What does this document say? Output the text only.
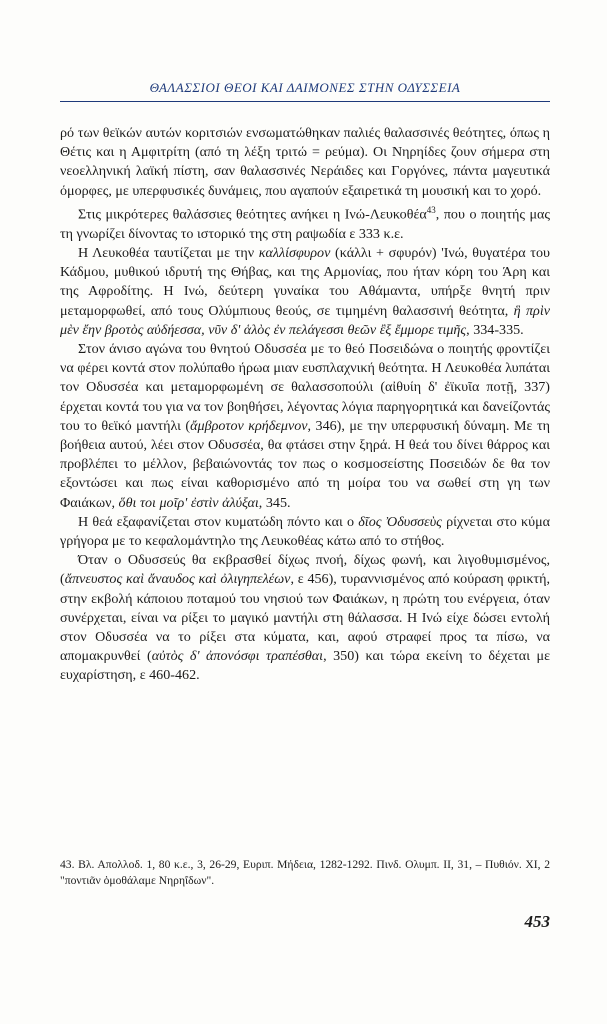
ΘΑΛΑΣΣΙΟΙ ΘΕΟΙ ΚΑΙ ΔΑΙΜΟΝΕΣ ΣΤΗΝ ΟΔΥΣΣΕΙΑ

ρό των θεϊκών αυτών κοριτσιών ενσωματώθηκαν παλιές θαλασσινές θεότητες, όπως η Θέτις και η Αμφιτρίτη (από τη λέξη τριτώ = ρεύμα). Οι Νηρηίδες ζουν σήμερα στη νεοελληνική λαϊκή πίστη, σαν θαλασσινές Νεράιδες και Γοργόνες, πάντα μαγευτικά όμορφες, με υπερφυσικές δυνάμεις, που αγαπούν εξαιρετικά τη μουσική και το χορό.

Στις μικρότερες θαλάσσιες θεότητες ανήκει η Ινώ-Λευκοθέα$^{43}$, που ο ποιητής μας τη γνωρίζει δίνοντας το ιστορικό της στη ραψωδία ε 333 κ.ε.

Η Λευκοθέα ταυτίζεται με την καλλίσφυρον (κάλλι + σφυρόν) 'Ινώ, θυγατέρα του Κάδμου, μυθικού ιδρυτή της Θήβας, και της Αρμονίας, που ήταν κόρη του Άρη και της Αφροδίτης. Η Ινώ, δεύτερη γυναίκα του Αθάμαντα, υπήρξε θνητή πριν μεταμορφωθεί, από τους Ολύμπιους θεούς, σε τιμημένη θαλασσινή θεότητα, ἣ πρὶν μὲν ἔην βροτὸς αὐδήεσσα, νῦν δ' ἁλὸς ἐν πελάγεσσι θεῶν ἒξ ἔμμορε τιμῆς, 334-335.

Στον άνισο αγώνα του θνητού Οδυσσέα με το θεό Ποσειδώνα ο ποιητής φροντίζει να φέρει κοντά στον πολύπαθο ήρωα μιαν ευσπλαχνική θεότητα. Η Λευκοθέα λυπάται τον Οδυσσέα και μεταμορφωμένη σε θαλασσοπούλι (αἰθυίη δ' ἐϊκυῖα ποτῇ, 337) έρχεται κοντά του για να τον βοηθήσει, λέγοντας λόγια παρηγορητικά και δανείζοντάς του το θεϊκό μαντήλι (ἄμβροτον κρήδεμνον, 346), με την υπερφυσική δύναμη. Με τη βοήθεια αυτού, λέει στον Οδυσσέα, θα φτάσει στην ξηρά. Η θεά του δίνει θάρρος και προβλέπει το μέλλον, βεβαιώνοντάς τον πως ο κοσμοσείστης Ποσειδών δε θα τον εξοντώσει και πως είναι καθορισμένο από τη μοίρα του να σωθεί στη γη των Φαιάκων, ὅθι τοι μοῖρ' ἐστὶν ἀλύξαι, 345.

Η θεά εξαφανίζεται στον κυματώδη πόντο και ο δῖος Ὀδυσσεὺς ρίχνεται στο κύμα γρήγορα με το κεφαλομάντηλο της Λευκοθέας κάτω από το στήθος.

Όταν ο Οδυσσεύς θα εκβρασθεί δίχως πνοή, δίχως φωνή, και λιγοθυμισμένος, (ἄπνευστος καὶ ἄναυδος καὶ ὀλιγηπελέων, ε 456), τυραννισμένος από κούραση φρικτή, στην εκβολή κάποιου ποταμού του νησιού των Φαιάκων, η πρώτη του ενέργεια, όταν συνέρχεται, είναι να ρίξει το μαγικό μαντήλι στη θάλασσα. Η Ινώ είχε δώσει εντολή στον Οδυσσέα να το ρίξει στα κύματα, και, αφού στραφεί προς τα πίσω, να απομακρυνθεί (αὐτὸς δ' ἀπονόσφι τραπέσθαι, 350) και τώρα εκείνη το δέχεται με ευχαρίστηση, ε 460-462.

43. Βλ. Απολλοδ. 1, 80 κ.ε., 3, 26-29, Ευριπ. Μήδεια, 1282-1292. Πινδ. Ολυμπ. ΙΙ, 31, – Πυθιόν. ΧΙ, 2 "ποντιᾶν ὁμοθάλαμε Νηρηΐδων".
453
